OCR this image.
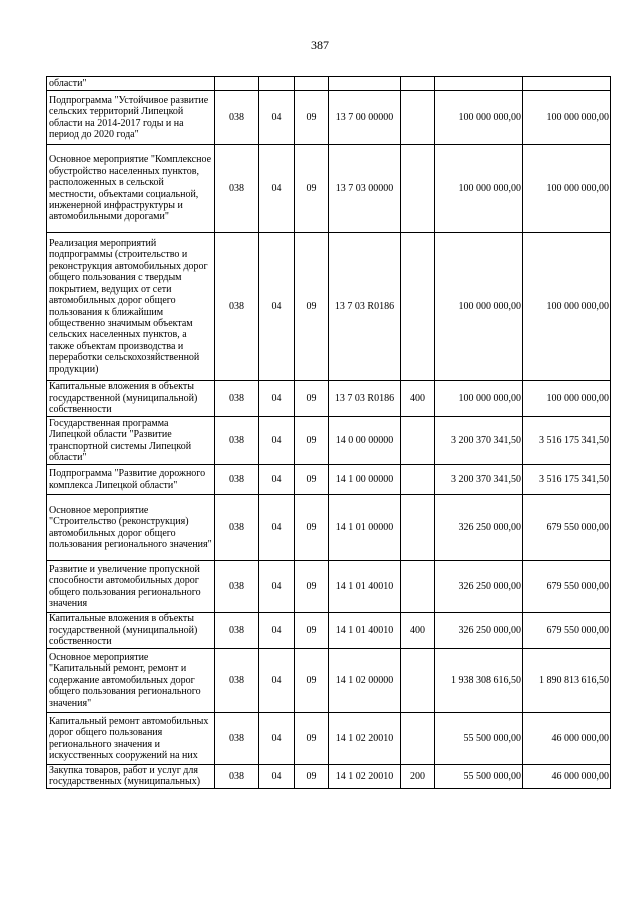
387
области"							
Подпрограмма "Устойчивое развитие сельских территорий Липецкой области на 2014-2017 годы и на период до 2020 года"	038	04	09	13 7 00 00000		100 000 000,00	100 000 000,00
Основное мероприятие "Комплексное обустройство населенных пунктов, расположенных в сельской местности, объектами социальной, инженерной инфраструктуры и автомобильными дорогами"	038	04	09	13 7 03 00000		100 000 000,00	100 000 000,00
Реализация мероприятий подпрограммы (строительство и реконструкция автомобильных дорог общего пользования с твердым покрытием, ведущих от сети автомобильных дорог общего пользования к ближайшим общественно значимым объектам сельских населенных пунктов, а также объектам производства и переработки сельскохозяйственной продукции)	038	04	09	13 7 03 R0186		100 000 000,00	100 000 000,00
Капитальные вложения в объекты государственной (муниципальной) собственности	038	04	09	13 7 03 R0186	400	100 000 000,00	100 000 000,00
Государственная программа Липецкой области "Развитие транспортной системы Липецкой области"	038	04	09	14 0 00 00000		3 200 370 341,50	3 516 175 341,50
Подпрограмма "Развитие дорожного комплекса Липецкой области"	038	04	09	14 1 00 00000		3 200 370 341,50	3 516 175 341,50
Основное мероприятие "Строительство (реконструкция) автомобильных дорог общего пользования регионального значения"	038	04	09	14 1 01 00000		326 250 000,00	679 550 000,00
Развитие и увеличение пропускной способности автомобильных дорог общего пользования регионального значения	038	04	09	14 1 01 40010		326 250 000,00	679 550 000,00
Капитальные вложения в объекты государственной (муниципальной) собственности	038	04	09	14 1 01 40010	400	326 250 000,00	679 550 000,00
Основное мероприятие "Капитальный ремонт, ремонт и содержание автомобильных дорог общего пользования регионального значения"	038	04	09	14 1 02 00000		1 938 308 616,50	1 890 813 616,50
Капитальный ремонт автомобильных дорог общего пользования регионального значения и искусственных сооружений на них	038	04	09	14 1 02 20010		55 500 000,00	46 000 000,00
Закупка товаров, работ и услуг для государственных (муниципальных)	038	04	09	14 1 02 20010	200	55 500 000,00	46 000 000,00
